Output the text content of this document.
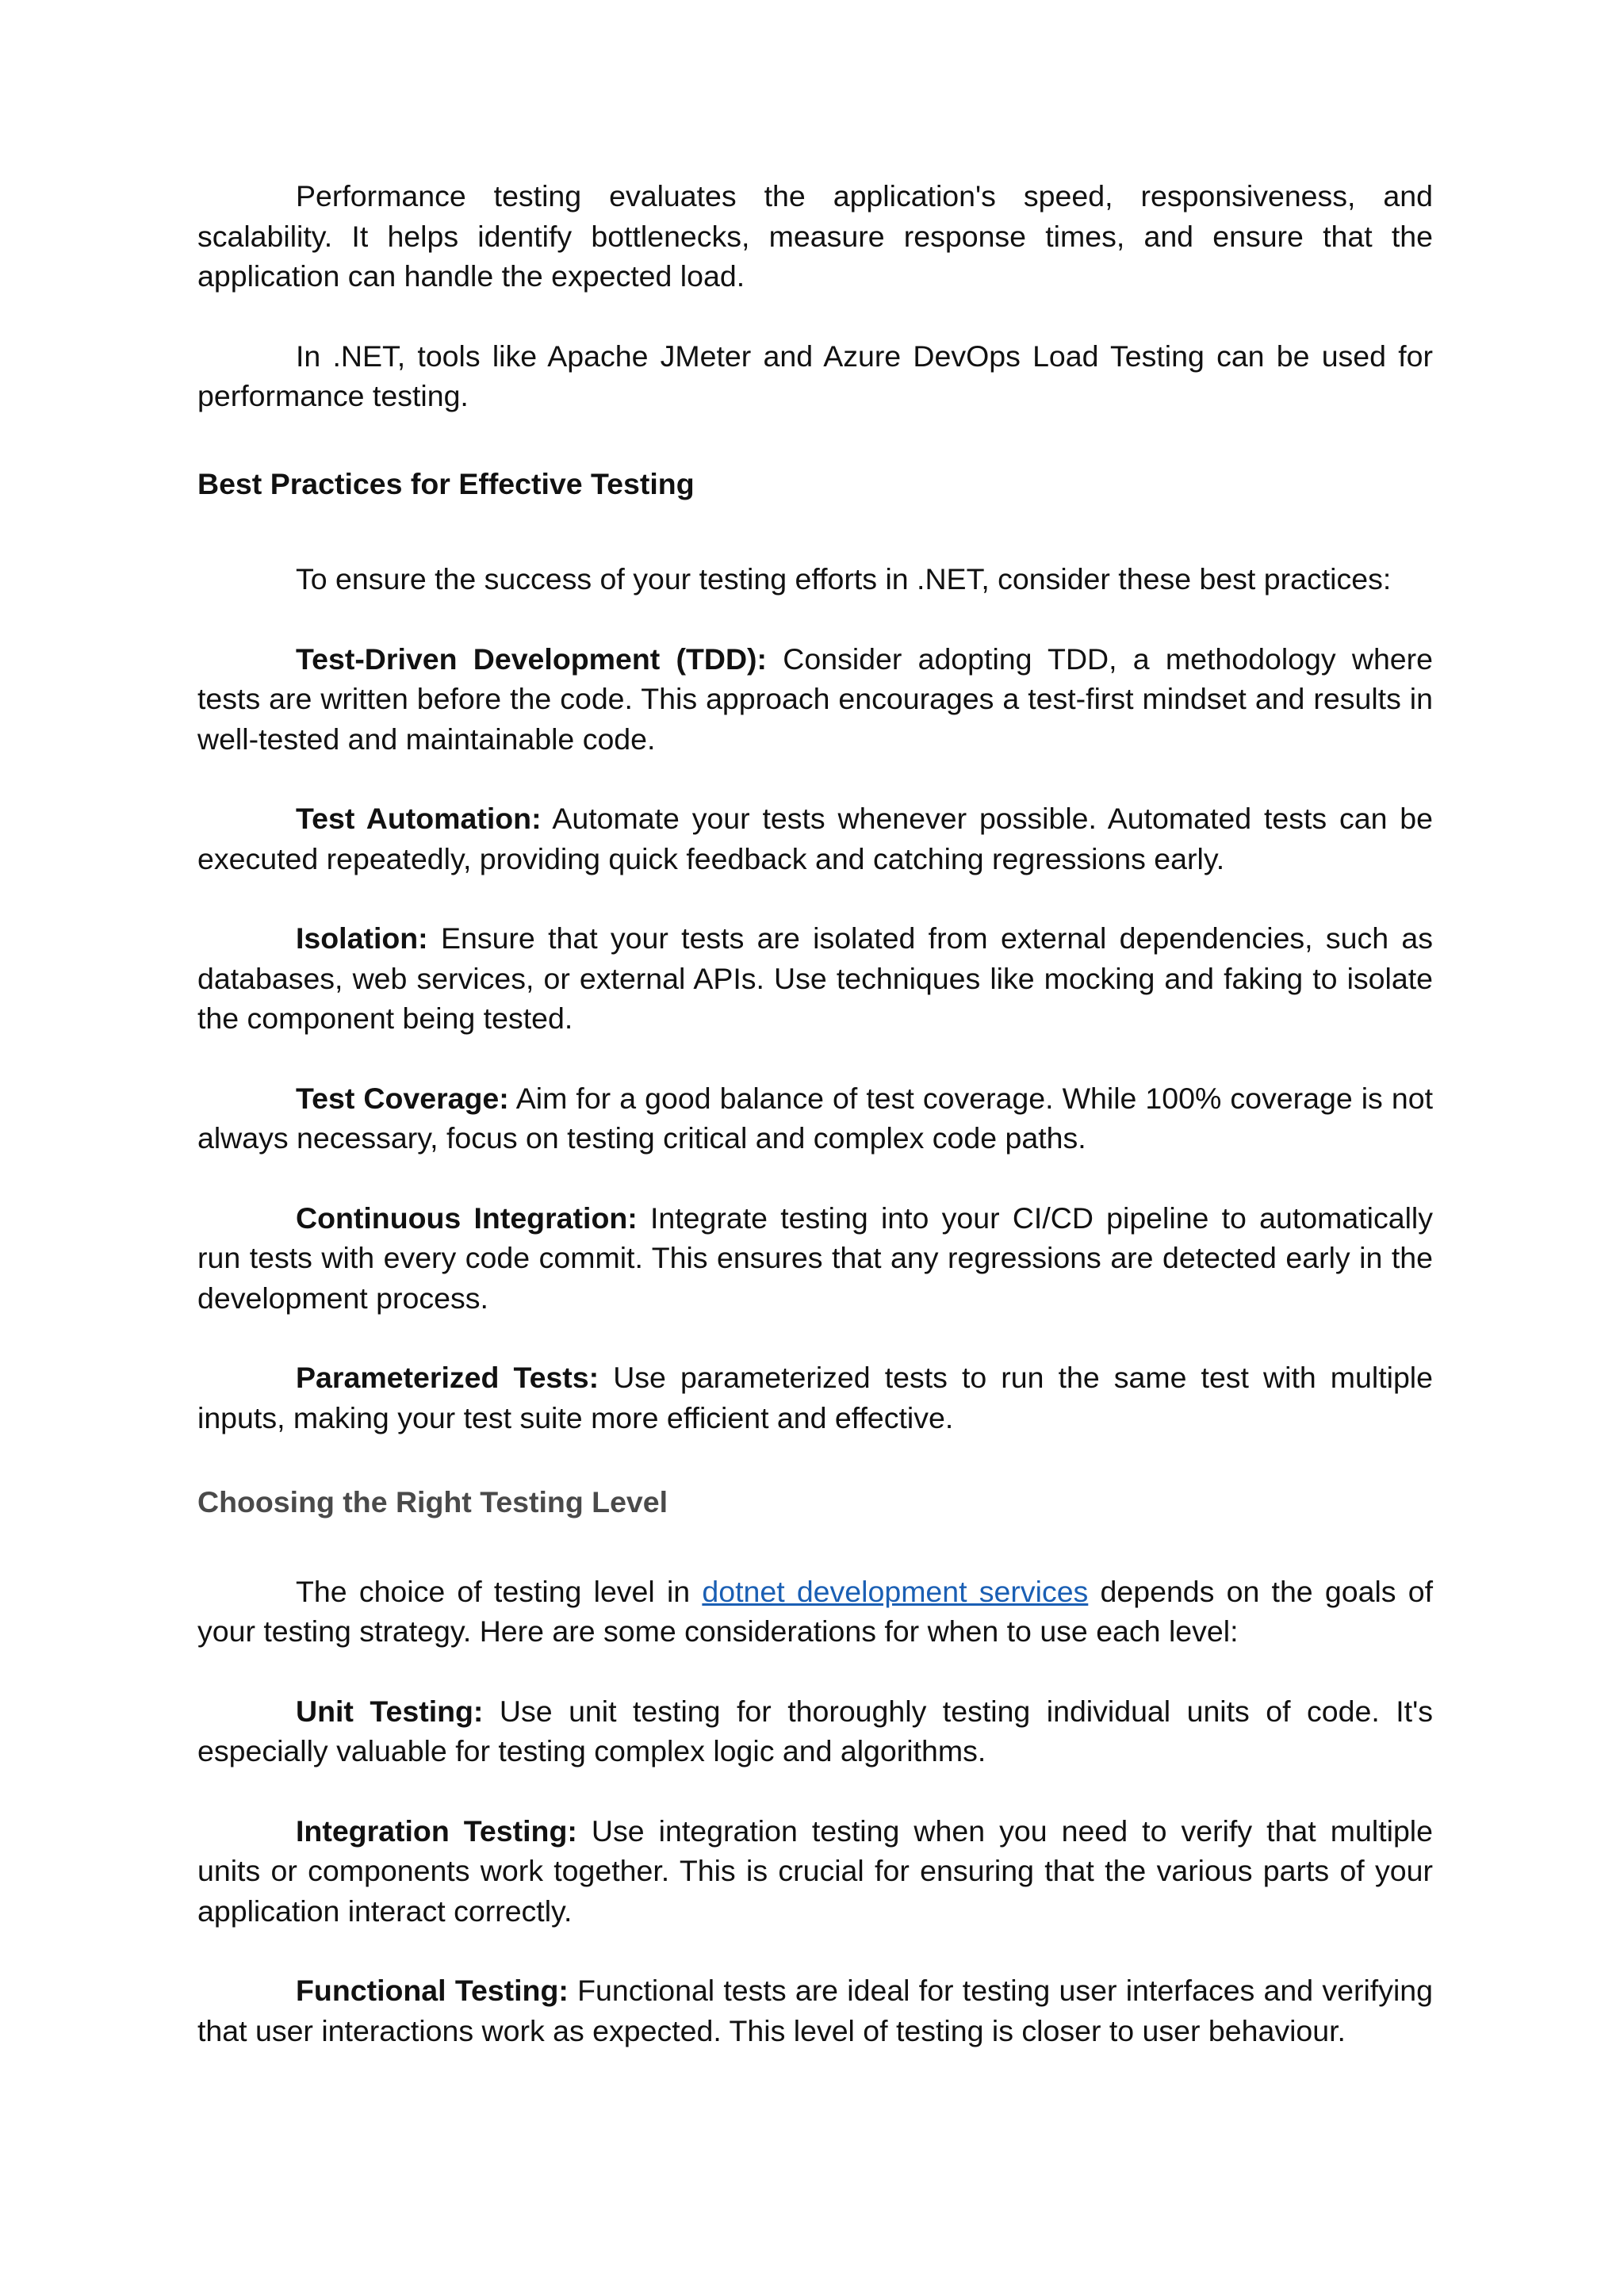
Performance testing evaluates the application's speed, responsiveness, and scalability. It helps identify bottlenecks, measure response times, and ensure that the application can handle the expected load.

In .NET, tools like Apache JMeter and Azure DevOps Load Testing can be used for performance testing.

Best Practices for Effective Testing

To ensure the success of your testing efforts in .NET, consider these best practices:

Test-Driven Development (TDD): Consider adopting TDD, a methodology where tests are written before the code. This approach encourages a test-first mindset and results in well-tested and maintainable code.

Test Automation: Automate your tests whenever possible. Automated tests can be executed repeatedly, providing quick feedback and catching regressions early.

Isolation: Ensure that your tests are isolated from external dependencies, such as databases, web services, or external APIs. Use techniques like mocking and faking to isolate the component being tested.

Test Coverage: Aim for a good balance of test coverage. While 100% coverage is not always necessary, focus on testing critical and complex code paths.

Continuous Integration: Integrate testing into your CI/CD pipeline to automatically run tests with every code commit. This ensures that any regressions are detected early in the development process.

Parameterized Tests: Use parameterized tests to run the same test with multiple inputs, making your test suite more efficient and effective.

Choosing the Right Testing Level

The choice of testing level in dotnet development services depends on the goals of your testing strategy. Here are some considerations for when to use each level:

Unit Testing: Use unit testing for thoroughly testing individual units of code. It's especially valuable for testing complex logic and algorithms.

Integration Testing: Use integration testing when you need to verify that multiple units or components work together. This is crucial for ensuring that the various parts of your application interact correctly.

Functional Testing: Functional tests are ideal for testing user interfaces and verifying that user interactions work as expected. This level of testing is closer to user behaviour.
